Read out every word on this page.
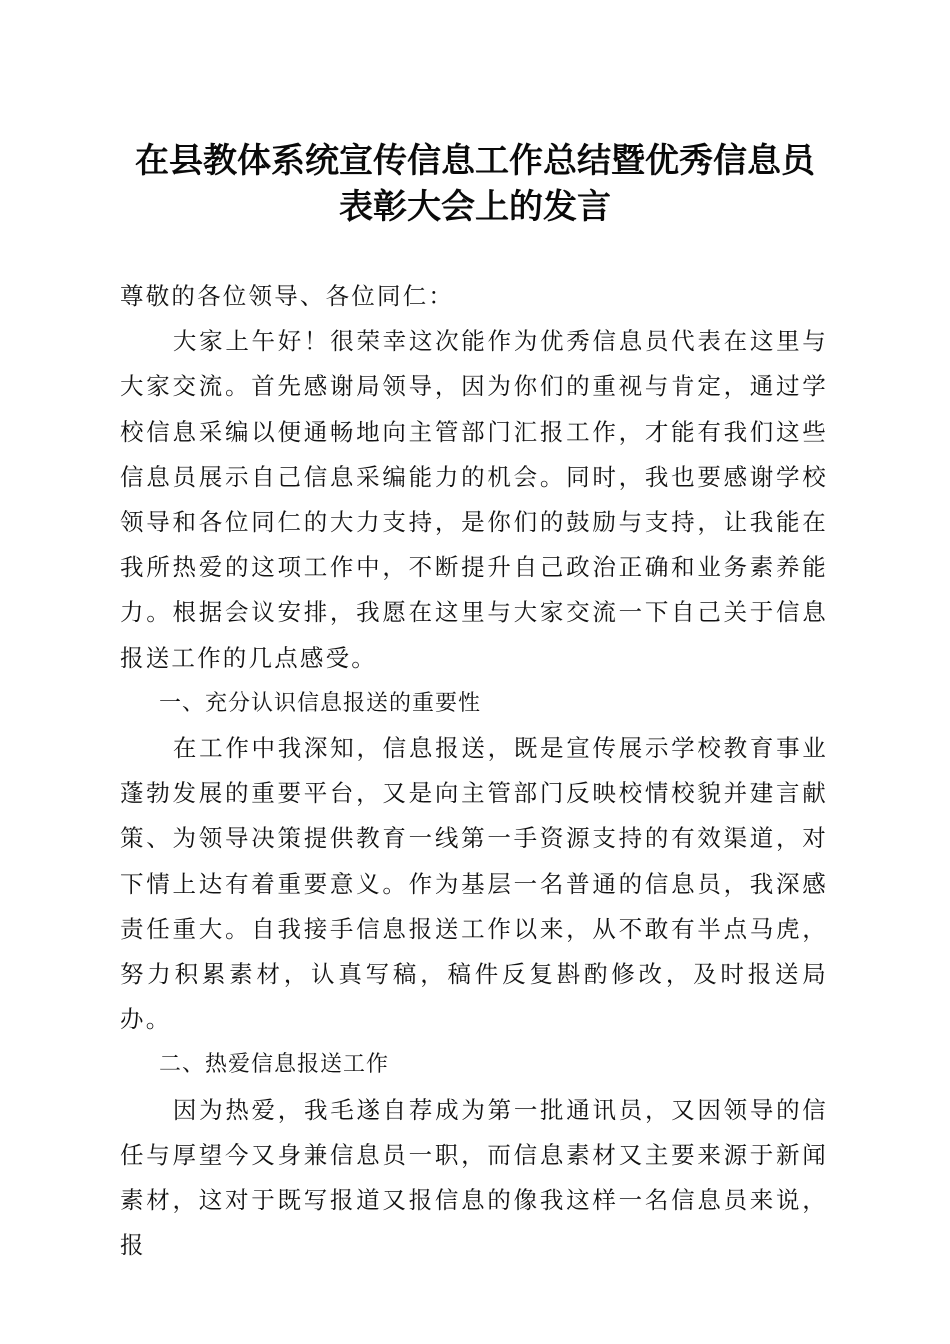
在县教体系统宣传信息工作总结暨优秀信息员
表彰大会上的发言

尊敬的各位领导、各位同仁：

大家上午好！很荣幸这次能作为优秀信息员代表在这里与大家交流。首先感谢局领导，因为你们的重视与肯定，通过学校信息采编以便通畅地向主管部门汇报工作，才能有我们这些信息员展示自己信息采编能力的机会。同时，我也要感谢学校领导和各位同仁的大力支持，是你们的鼓励与支持，让我能在我所热爱的这项工作中，不断提升自己政治正确和业务素养能力。根据会议安排，我愿在这里与大家交流一下自己关于信息报送工作的几点感受。

一、充分认识信息报送的重要性

在工作中我深知，信息报送，既是宣传展示学校教育事业蓬勃发展的重要平台，又是向主管部门反映校情校貌并建言献策、为领导决策提供教育一线第一手资源支持的有效渠道，对下情上达有着重要意义。作为基层一名普通的信息员，我深感责任重大。自我接手信息报送工作以来，从不敢有半点马虎，努力积累素材，认真写稿，稿件反复斟酌修改，及时报送局办。

二、热爱信息报送工作

因为热爱，我毛遂自荐成为第一批通讯员，又因领导的信任与厚望今又身兼信息员一职，而信息素材又主要来源于新闻素材，这对于既写报道又报信息的像我这样一名信息员来说，报
